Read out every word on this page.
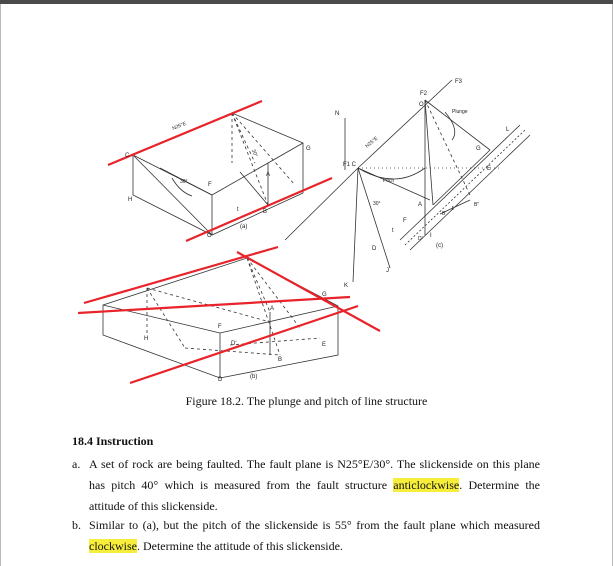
C
H
F
O
t
A
B
G
30°
(a)
N25°E
30°
H
F
D'
D
B
E
G
A
(b)
N
F1 C
Pitch
30°
t
F
D
J
K
F2
F3
O
Plunge
G
E
L
A
B'
t
B''
D' I
(c)
N25°E
Figure 18.2. The plunge and pitch of line structure
18.4 Instruction
a. A set of rock are being faulted. The fault plane is N25°E/30°. The slickenside on this plane has pitch 40° which is measured from the fault structure anticlockwise. Determine the attitude of this slickenside.
b. Similar to (a), but the pitch of the slickenside is 55° from the fault plane which measured clockwise. Determine the attitude of this slickenside.
